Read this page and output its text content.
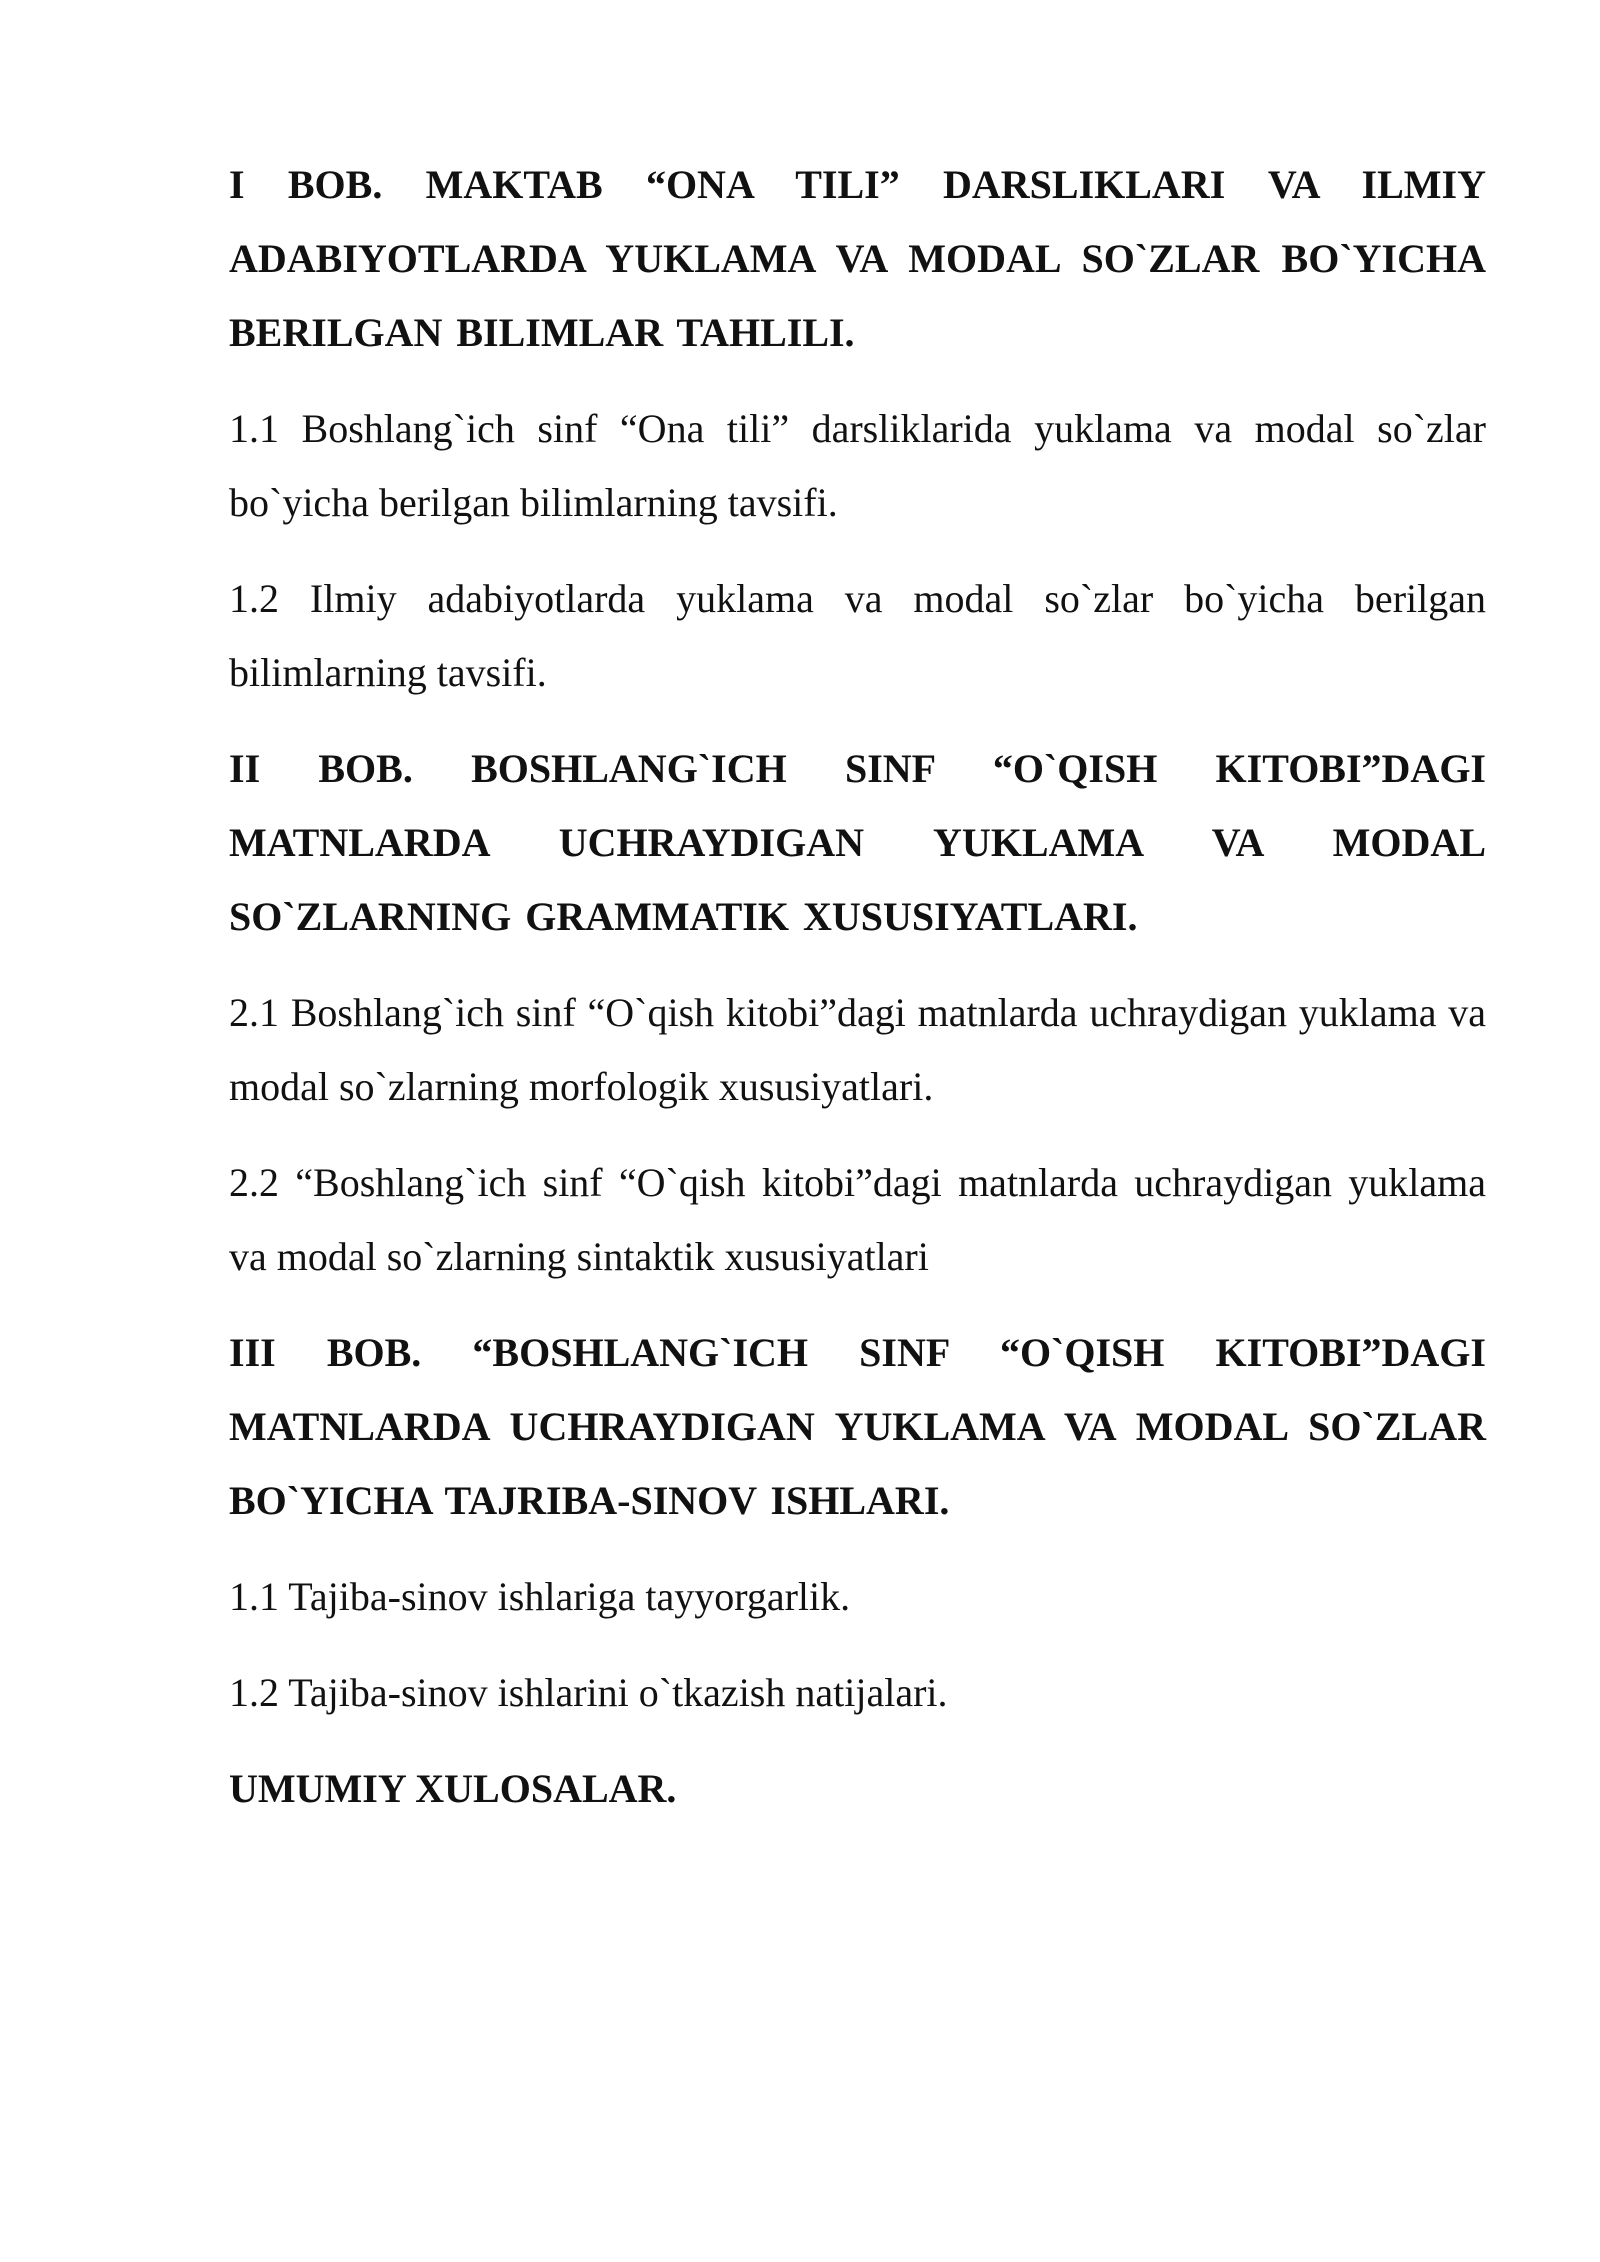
I BOB. MAKTAB “ONA TILI” DARSLIKLARI VA ILMIY ADABIYOTLARDA YUKLAMA VA MODAL SO`ZLAR BO`YICHA BERILGAN BILIMLAR TAHLILI.

1.1 Boshlang`ich sinf “Ona tili” darsliklarida yuklama va modal so`zlar bo`yicha berilgan bilimlarning tavsifi.

1.2 Ilmiy adabiyotlarda yuklama va modal so`zlar bo`yicha berilgan bilimlarning tavsifi.

II BOB. BOSHLANG`ICH SINF “O`QISH KITOBI”DAGI MATNLARDA UCHRAYDIGAN YUKLAMA VA MODAL SO`ZLARNING GRAMMATIK XUSUSIYATLARI.

2.1 Boshlang`ich sinf “O`qish kitobi”dagi matnlarda uchraydigan yuklama va modal so`zlarning morfologik xususiyatlari.

2.2 “Boshlang`ich sinf “O`qish kitobi”dagi matnlarda uchraydigan yuklama va modal so`zlarning sintaktik xususiyatlari

III BOB. “BOSHLANG`ICH SINF “O`QISH KITOBI”DAGI MATNLARDA UCHRAYDIGAN YUKLAMA VA MODAL SO`ZLAR BO`YICHA TAJRIBA-SINOV ISHLARI.

1.1 Tajiba-sinov ishlariga tayyorgarlik.

1.2 Tajiba-sinov ishlarini o`tkazish natijalari.

UMUMIY XULOSALAR.
